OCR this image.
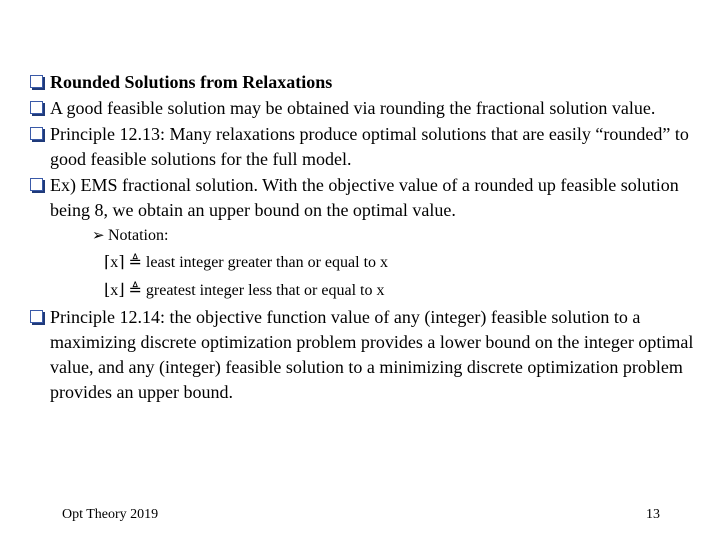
Rounded Solutions from Relaxations
A good feasible solution may be obtained via rounding the fractional solution value.
Principle 12.13: Many relaxations produce optimal solutions that are easily “rounded” to good feasible solutions for the full model.
Ex) EMS fractional solution. With the objective value of a rounded up feasible solution being 8, we obtain an upper bound on the optimal value.
➢ Notation:
⌈x⌉ ≜ least integer greater than or equal to x
⌊x⌋ ≜ greatest integer less that or equal to x
Principle 12.14: the objective function value of any (integer) feasible solution to a maximizing discrete optimization problem provides a lower bound on the integer optimal value, and any (integer) feasible solution to a minimizing discrete optimization problem provides an upper bound.
Opt Theory 2019	13
